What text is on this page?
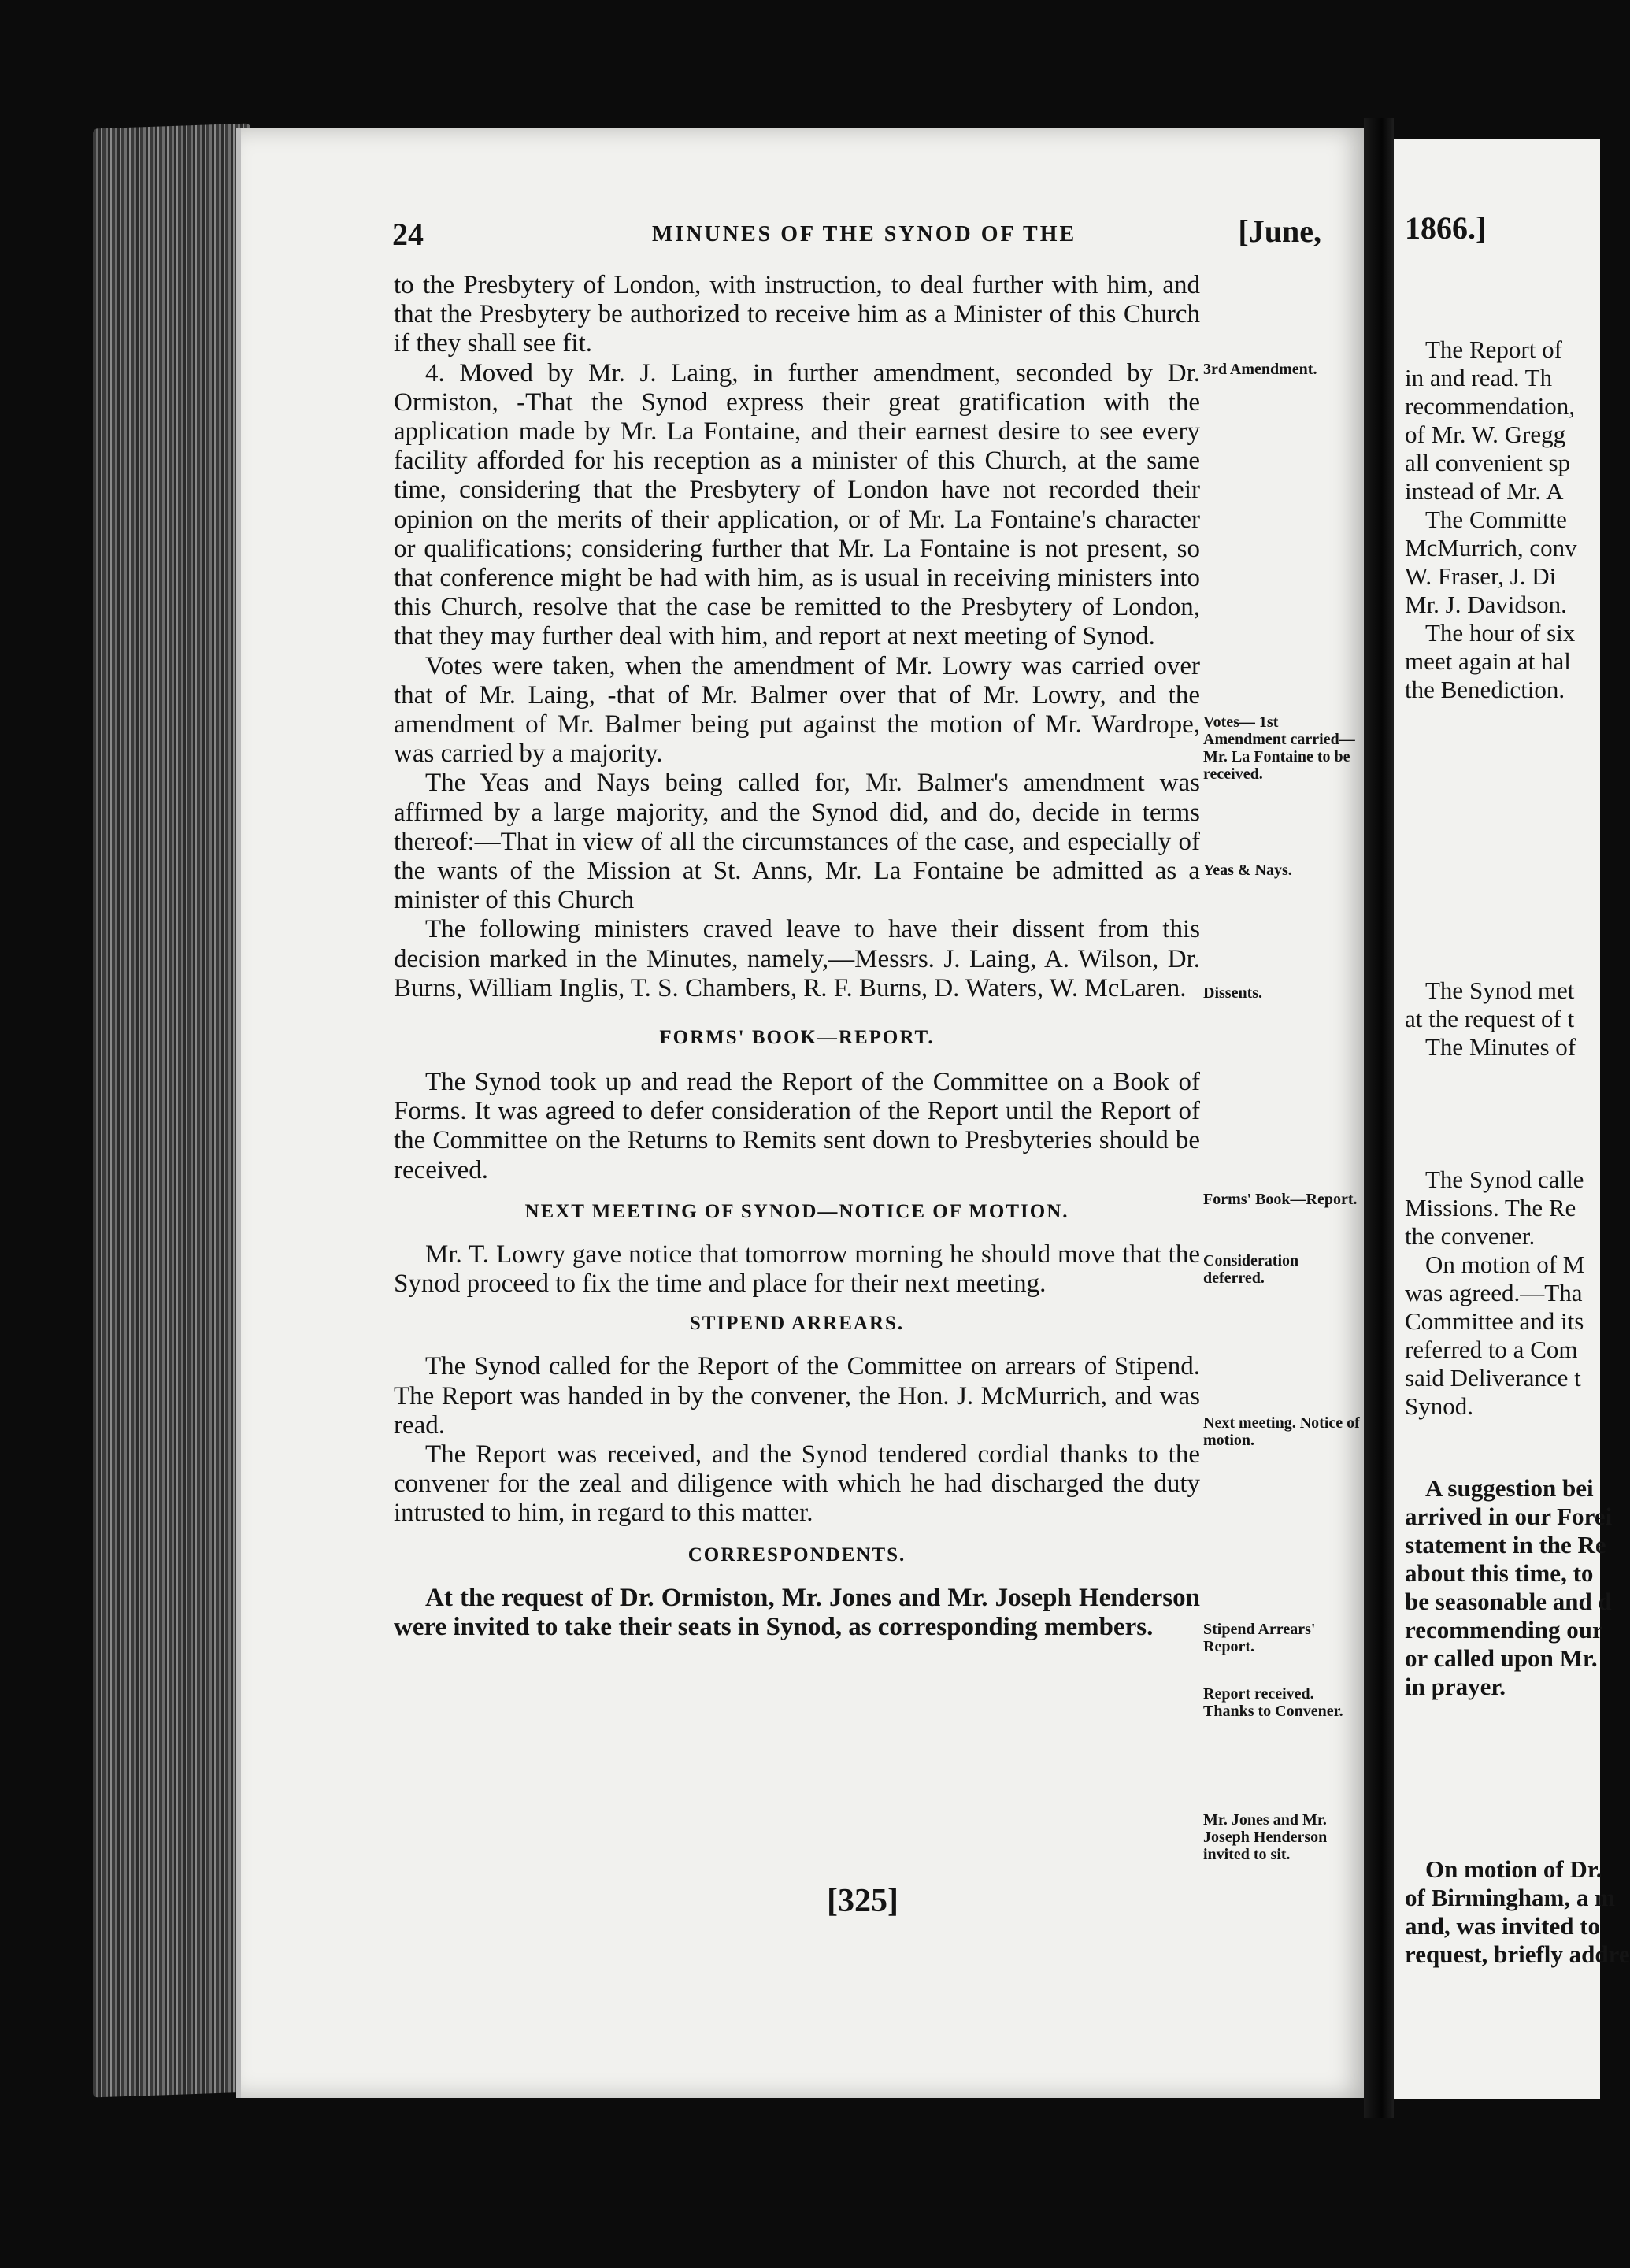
1866.]
The Report of
in and read. Th
recommendation,
of Mr. W. Gregg
all convenient sp
instead of Mr. A
The Committe
McMurrich, conv
W. Fraser, J. Di
Mr. J. Davidson.
The hour of six
meet again at hal
the Benediction.
The Synod met
at the request of t
The Minutes of
The Synod calle
Missions. The Re
the convener.
On motion of M
was agreed.—Tha
Committee and its
referred to a Com
said Deliverance t
Synod.
A suggestion bei
arrived in our Forei
statement in the Re
about this time, to
be seasonable and d
recommending our
or called upon Mr.
in prayer.
On motion of Dr.
of Birmingham, a m
and, was invited to
request, briefly addre
24	MINUNES OF THE SYNOD OF THE	[June,

to the Presbytery of London, with instruction, to deal further with him, and that the Presbytery be authorized to receive him as a Minister of this Church if they shall see fit.

4. Moved by Mr. J. Laing, in further amendment, seconded by Dr. Ormiston, -That the Synod express their great gratification with the application made by Mr. La Fontaine, and their earnest desire to see every facility afforded for his reception as a minister of this Church, at the same time, considering that the Presbytery of London have not recorded their opinion on the merits of their application, or of Mr. La Fontaine's character or qualifications; considering further that Mr. La Fontaine is not present, so that conference might be had with him, as is usual in receiving ministers into this Church, resolve that the case be remitted to the Presbytery of London, that they may further deal with him, and report at next meeting of Synod.

Votes were taken, when the amendment of Mr. Lowry was carried over that of Mr. Laing, -that of Mr. Balmer over that of Mr. Lowry, and the amendment of Mr. Balmer being put against the motion of Mr. Wardrope, was carried by a majority.

The Yeas and Nays being called for, Mr. Balmer's amendment was affirmed by a large majority, and the Synod did, and do, decide in terms thereof:—That in view of all the circumstances of the case, and especially of the wants of the Mission at St. Anns, Mr. La Fontaine be admitted as a minister of this Church

The following ministers craved leave to have their dissent from this decision marked in the Minutes, namely,—Messrs. J. Laing, A. Wilson, Dr. Burns, William Inglis, T. S. Chambers, R. F. Burns, D. Waters, W. McLaren.

FORMS' BOOK—REPORT.

The Synod took up and read the Report of the Committee on a Book of Forms. It was agreed to defer consideration of the Report until the Report of the Committee on the Returns to Remits sent down to Presbyteries should be received.

NEXT MEETING OF SYNOD—NOTICE OF MOTION.

Mr. T. Lowry gave notice that tomorrow morning he should move that the Synod proceed to fix the time and place for their next meeting.

STIPEND ARREARS.

The Synod called for the Report of the Committee on arrears of Stipend. The Report was handed in by the convener, the Hon. J. McMurrich, and was read.

The Report was received, and the Synod tendered cordial thanks to the convener for the zeal and diligence with which he had discharged the duty intrusted to him, in regard to this matter.

CORRESPONDENTS.

At the request of Dr. Ormiston, Mr. Jones and Mr. Joseph Henderson were invited to take their seats in Synod, as corresponding members.

3rd Amendment.
Votes— 1st Amendment carried— Mr. La Fontaine to be received.
Yeas & Nays.
Dissents.
Forms' Book—Report.
Consideration deferred.
Next meeting. Notice of motion.
Stipend Arrears' Report.
Report received. Thanks to Convener.
Mr. Jones and Mr. Joseph Henderson invited to sit.
[325]
